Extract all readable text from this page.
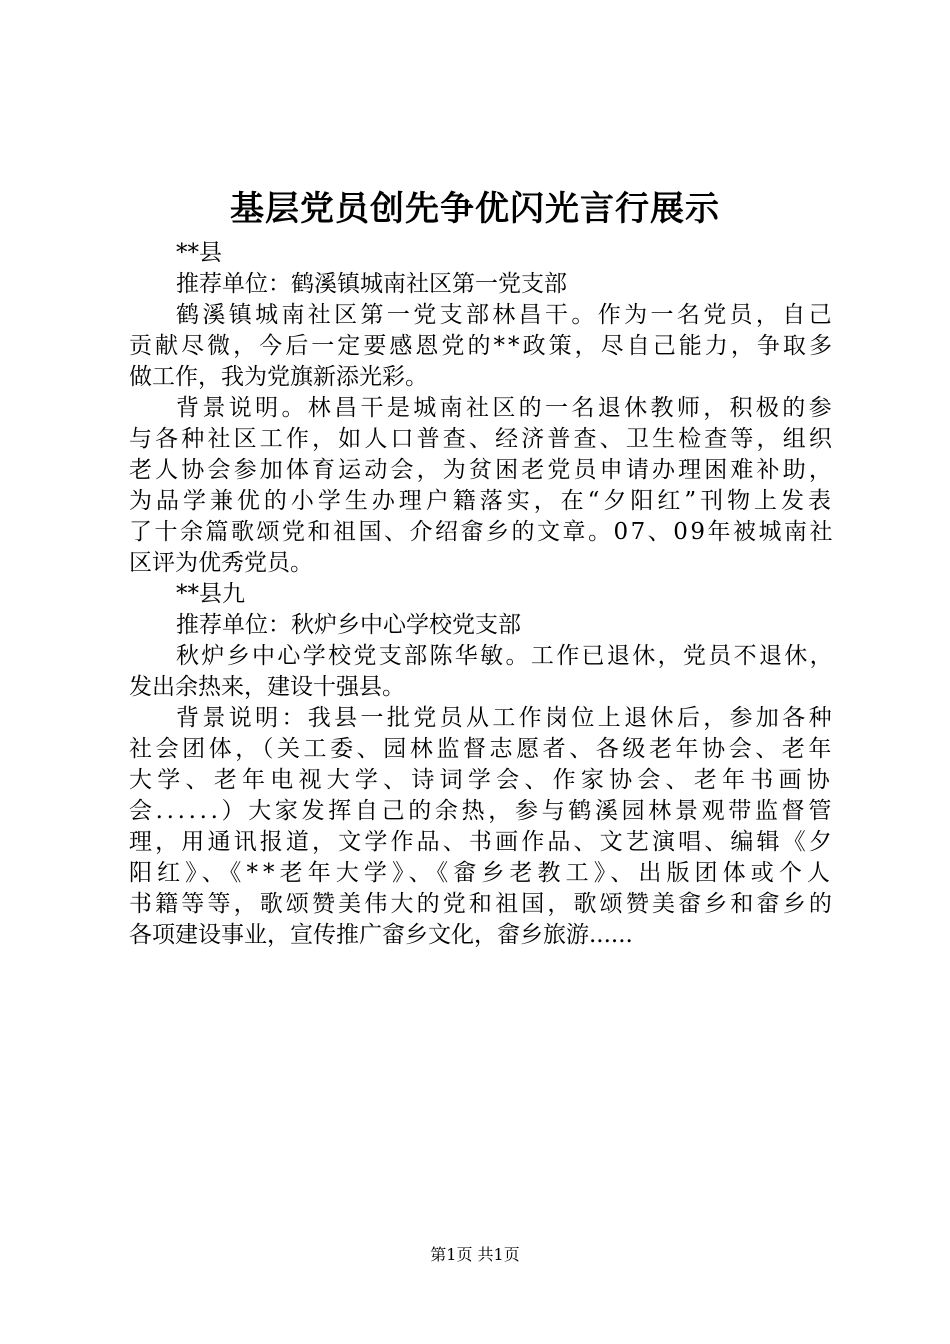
基层党员创先争优闪光言行展示
**县
推荐单位：鹤溪镇城南社区第一党支部
鹤溪镇城南社区第一党支部林昌干。作为一名党员，自己
贡献尽微，今后一定要感恩党的**政策，尽自己能力，争取多
做工作，我为党旗新添光彩。
背景说明。林昌干是城南社区的一名退休教师，积极的参
与各种社区工作，如人口普查、经济普查、卫生检查等，组织
老人协会参加体育运动会，为贫困老党员申请办理困难补助，
为品学兼优的小学生办理户籍落实，在“夕阳红”刊物上发表
了十余篇歌颂党和祖国、介绍畲乡的文章。07、09年被城南社
区评为优秀党员。
**县九
推荐单位：秋炉乡中心学校党支部
秋炉乡中心学校党支部陈华敏。工作已退休，党员不退休，
发出余热来，建设十强县。
背景说明：我县一批党员从工作岗位上退休后，参加各种
社会团体，（关工委、园林监督志愿者、各级老年协会、老年
大学、老年电视大学、诗词学会、作家协会、老年书画协
会......）大家发挥自己的余热，参与鹤溪园林景观带监督管
理，用通讯报道，文学作品、书画作品、文艺演唱、编辑《夕
阳红》、《**老年大学》、《畲乡老教工》、出版团体或个人
书籍等等，歌颂赞美伟大的党和祖国，歌颂赞美畲乡和畲乡的
各项建设事业，宣传推广畲乡文化，畲乡旅游......
第1页 共1页
